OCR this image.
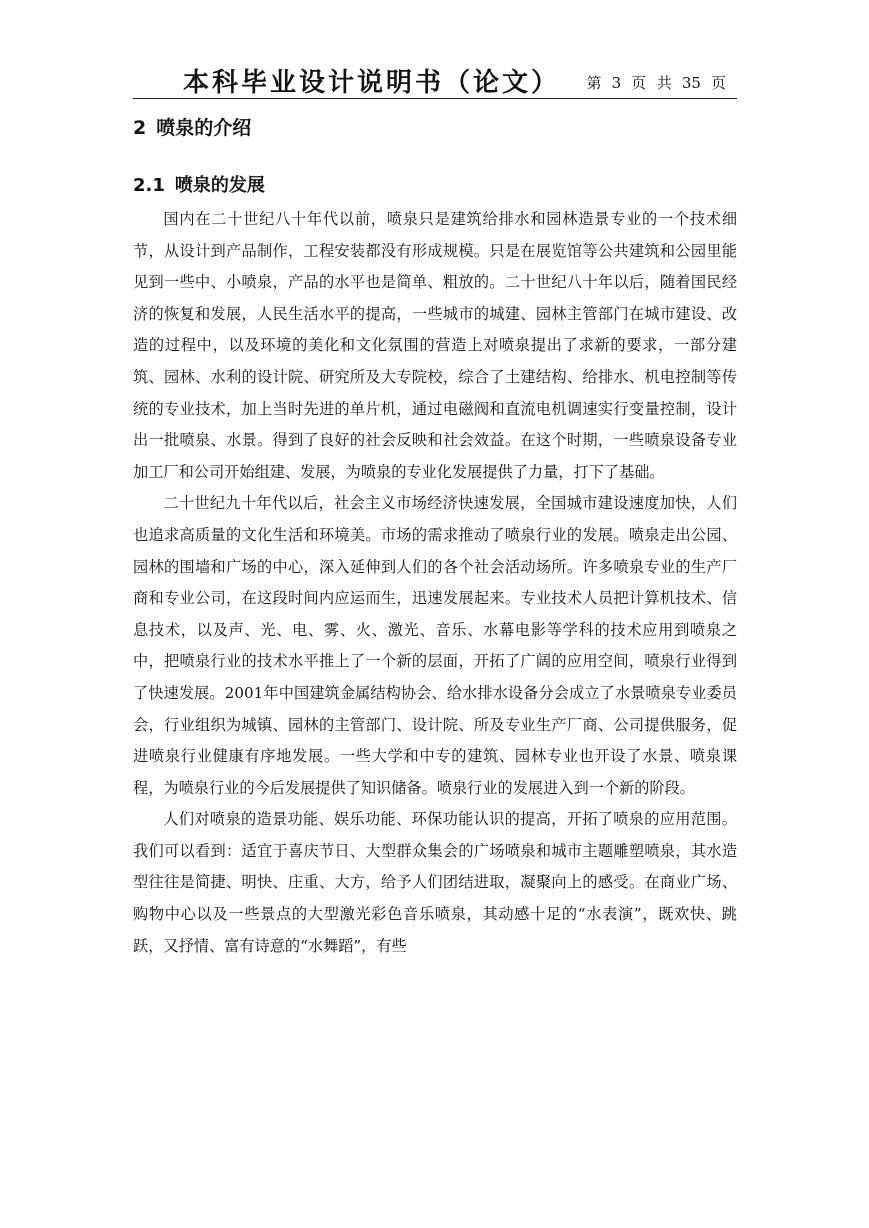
本科毕业设计说明书（论文）	第 3 页 共 35 页
2 喷泉的介绍
2.1 喷泉的发展

国内在二十世纪八十年代以前，喷泉只是建筑给排水和园林造景专业的一个技术细节，从设计到产品制作，工程安装都没有形成规模。只是在展览馆等公共建筑和公园里能见到一些中、小喷泉，产品的水平也是简单、粗放的。二十世纪八十年以后，随着国民经济的恢复和发展，人民生活水平的提高，一些城市的城建、园林主管部门在城市建设、改造的过程中，以及环境的美化和文化氛围的营造上对喷泉提出了求新的要求，一部分建筑、园林、水利的设计院、研究所及大专院校，综合了土建结构、给排水、机电控制等传统的专业技术，加上当时先进的单片机，通过电磁阀和直流电机调速实行变量控制，设计出一批喷泉、水景。得到了良好的社会反映和社会效益。在这个时期，一些喷泉设备专业加工厂和公司开始组建、发展，为喷泉的专业化发展提供了力量，打下了基础。

二十世纪九十年代以后，社会主义市场经济快速发展，全国城市建设速度加快，人们也追求高质量的文化生活和环境美。市场的需求推动了喷泉行业的发展。喷泉走出公园、园林的围墙和广场的中心，深入延伸到人们的各个社会活动场所。许多喷泉专业的生产厂商和专业公司，在这段时间内应运而生，迅速发展起来。专业技术人员把计算机技术、信息技术，以及声、光、电、雾、火、激光、音乐、水幕电影等学科的技术应用到喷泉之中，把喷泉行业的技术水平推上了一个新的层面，开拓了广阔的应用空间，喷泉行业得到了快速发展。2001年中国建筑金属结构协会、给水排水设备分会成立了水景喷泉专业委员会，行业组织为城镇、园林的主管部门、设计院、所及专业生产厂商、公司提供服务，促进喷泉行业健康有序地发展。一些大学和中专的建筑、园林专业也开设了水景、喷泉课程，为喷泉行业的今后发展提供了知识储备。喷泉行业的发展进入到一个新的阶段。

人们对喷泉的造景功能、娱乐功能、环保功能认识的提高，开拓了喷泉的应用范围。我们可以看到：适宜于喜庆节日、大型群众集会的广场喷泉和城市主题雕塑喷泉，其水造型往往是简捷、明快、庄重、大方，给予人们团结进取，凝聚向上的感受。在商业广场、购物中心以及一些景点的大型激光彩色音乐喷泉，其动感十足的“水表演”，既欢快、跳跃，又抒情、富有诗意的“水舞蹈”，有些
